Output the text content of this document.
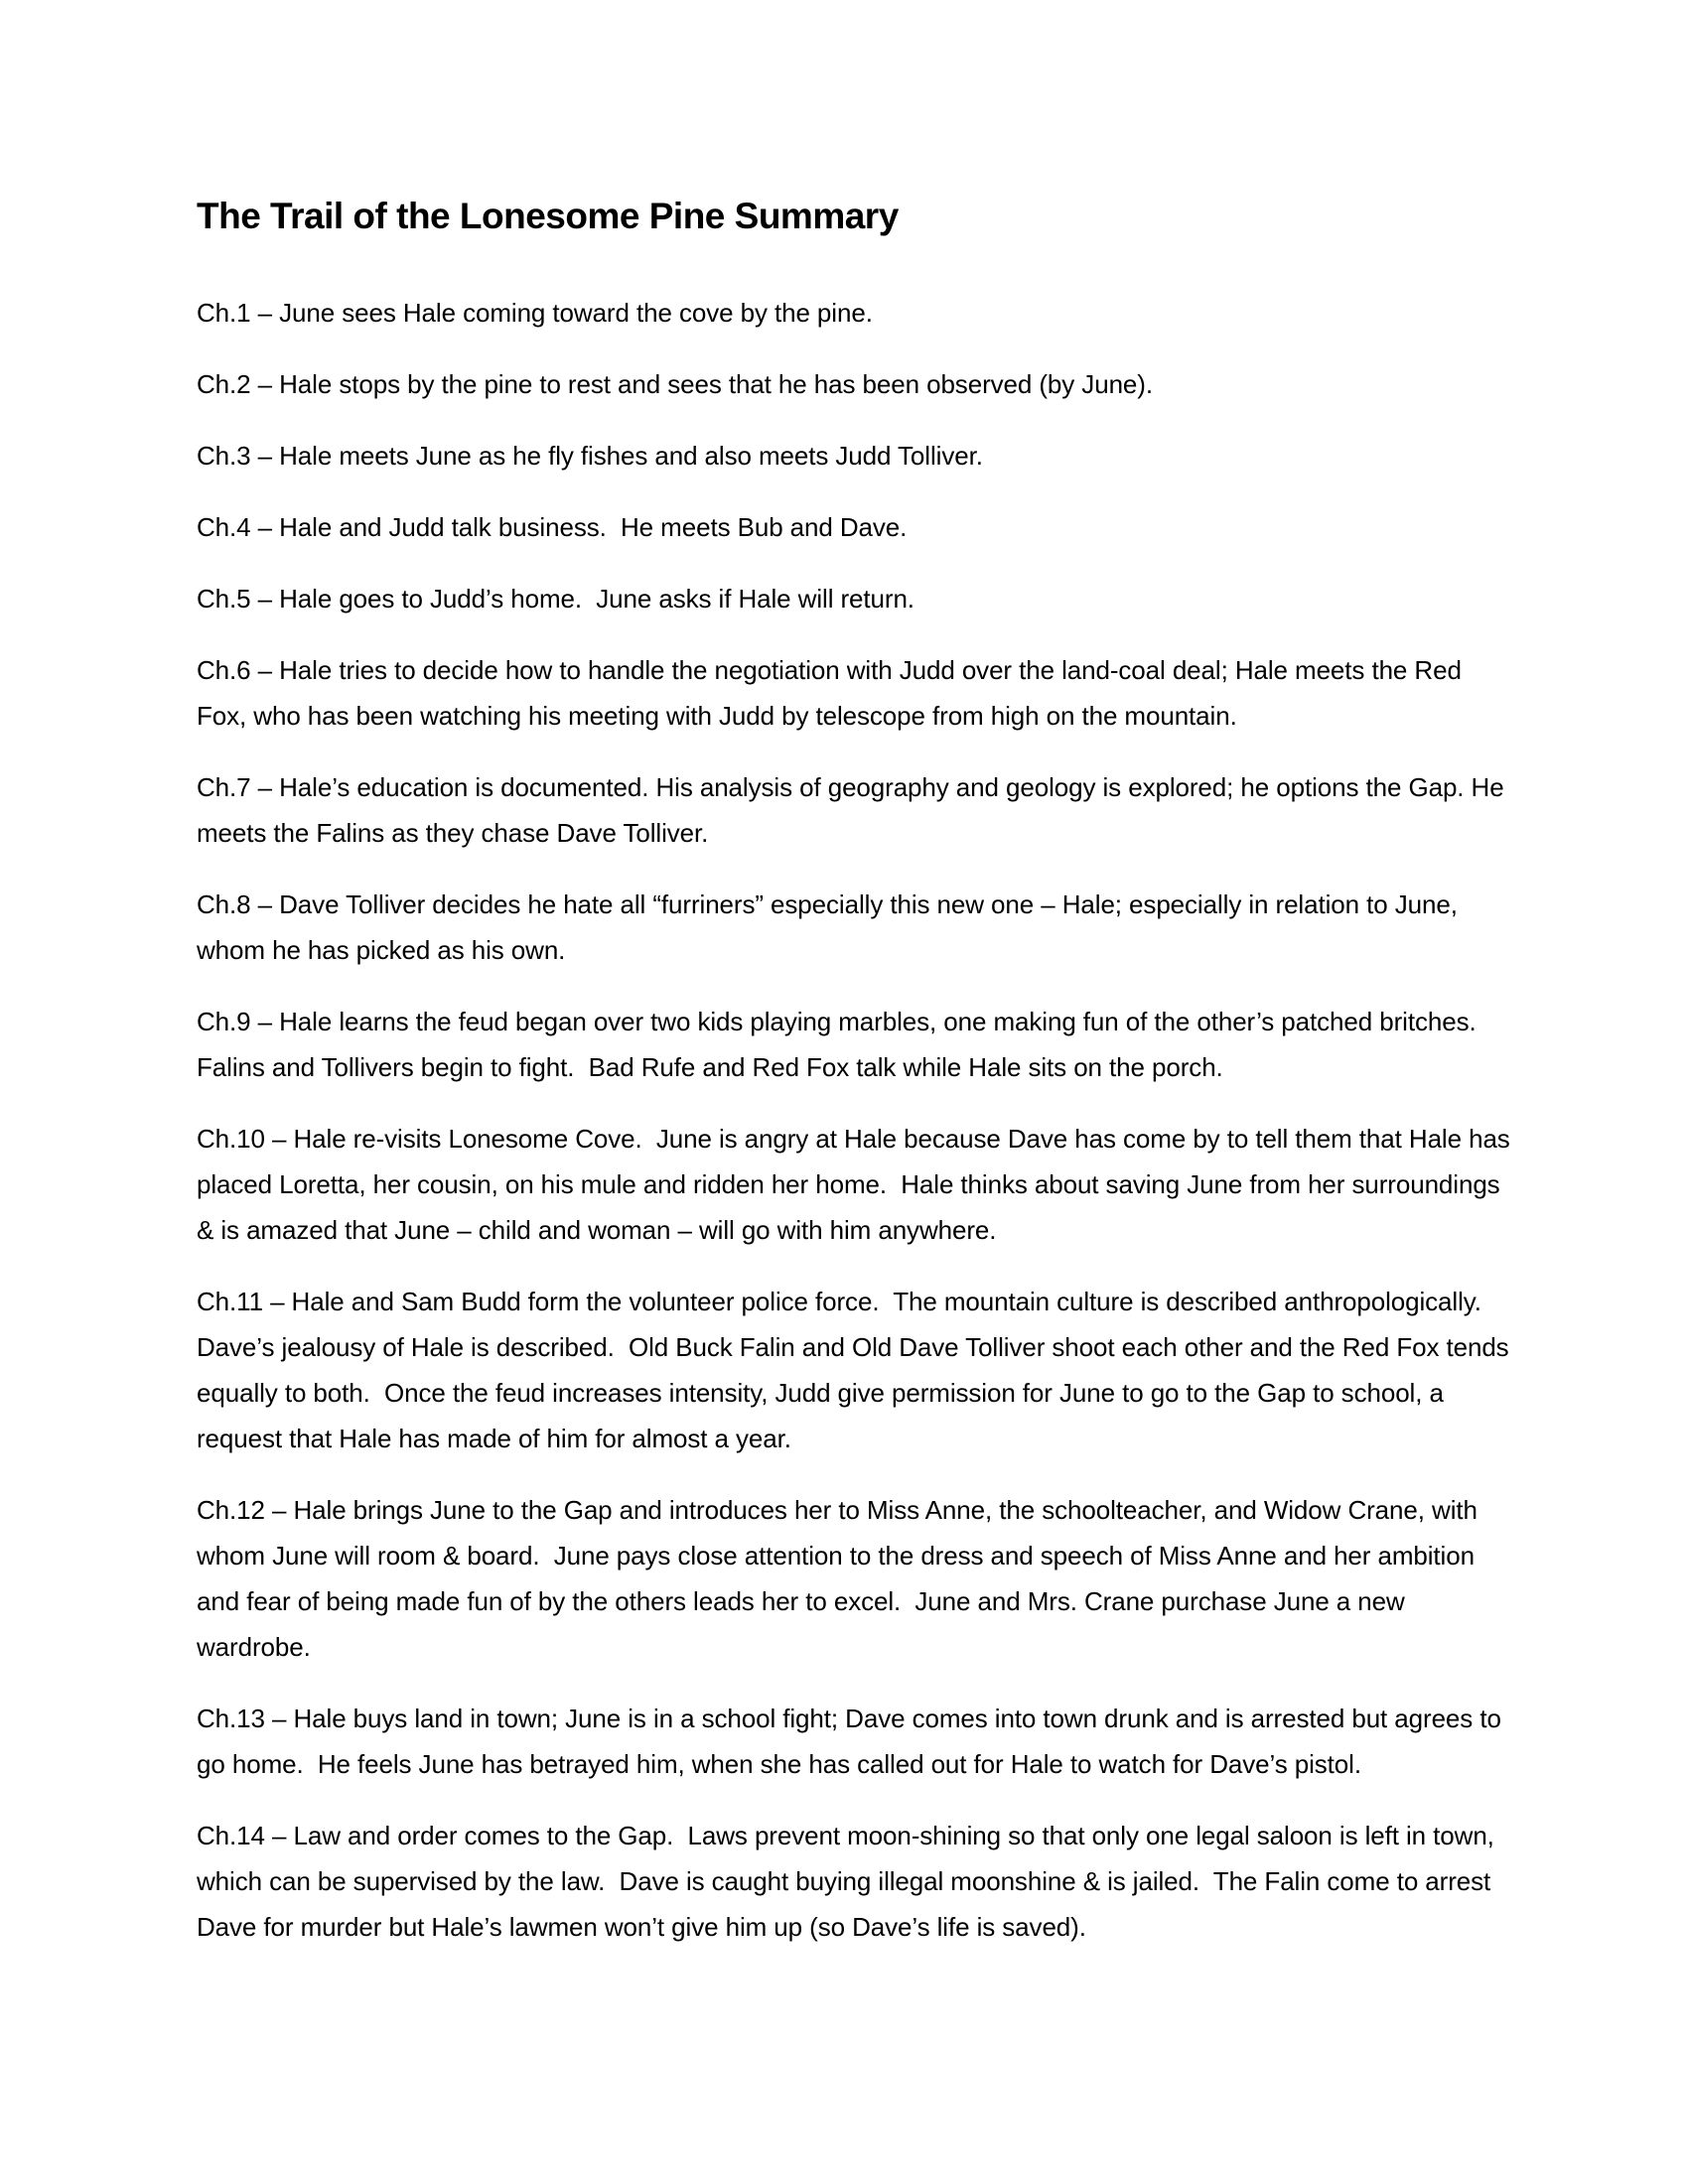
The Trail of the Lonesome Pine Summary

Ch.1 – June sees Hale coming toward the cove by the pine.

Ch.2 – Hale stops by the pine to rest and sees that he has been observed (by June).

Ch.3 – Hale meets June as he fly fishes and also meets Judd Tolliver.

Ch.4 – Hale and Judd talk business.  He meets Bub and Dave.

Ch.5 – Hale goes to Judd’s home.  June asks if Hale will return.

Ch.6 – Hale tries to decide how to handle the negotiation with Judd over the land-coal deal; Hale meets the Red Fox, who has been watching his meeting with Judd by telescope from high on the mountain.

Ch.7 – Hale’s education is documented. His analysis of geography and geology is explored; he options the Gap. He meets the Falins as they chase Dave Tolliver.

Ch.8 – Dave Tolliver decides he hate all “furriners” especially this new one – Hale; especially in relation to June, whom he has picked as his own.

Ch.9 – Hale learns the feud began over two kids playing marbles, one making fun of the other’s patched britches.  Falins and Tollivers begin to fight.  Bad Rufe and Red Fox talk while Hale sits on the porch.

Ch.10 – Hale re-visits Lonesome Cove.  June is angry at Hale because Dave has come by to tell them that Hale has placed Loretta, her cousin, on his mule and ridden her home.  Hale thinks about saving June from her surroundings & is amazed that June – child and woman – will go with him anywhere.

Ch.11 – Hale and Sam Budd form the volunteer police force.  The mountain culture is described anthropologically. Dave’s jealousy of Hale is described.  Old Buck Falin and Old Dave Tolliver shoot each other and the Red Fox tends equally to both.  Once the feud increases intensity, Judd give permission for June to go to the Gap to school, a request that Hale has made of him for almost a year.

Ch.12 – Hale brings June to the Gap and introduces her to Miss Anne, the schoolteacher, and Widow Crane, with whom June will room & board.  June pays close attention to the dress and speech of Miss Anne and her ambition and fear of being made fun of by the others leads her to excel.  June and Mrs. Crane purchase June a new wardrobe.

Ch.13 – Hale buys land in town; June is in a school fight; Dave comes into town drunk and is arrested but agrees to go home.  He feels June has betrayed him, when she has called out for Hale to watch for Dave’s pistol.

Ch.14 – Law and order comes to the Gap.  Laws prevent moon-shining so that only one legal saloon is left in town, which can be supervised by the law.  Dave is caught buying illegal moonshine & is jailed.  The Falin come to arrest Dave for murder but Hale’s lawmen won’t give him up (so Dave’s life is saved).
